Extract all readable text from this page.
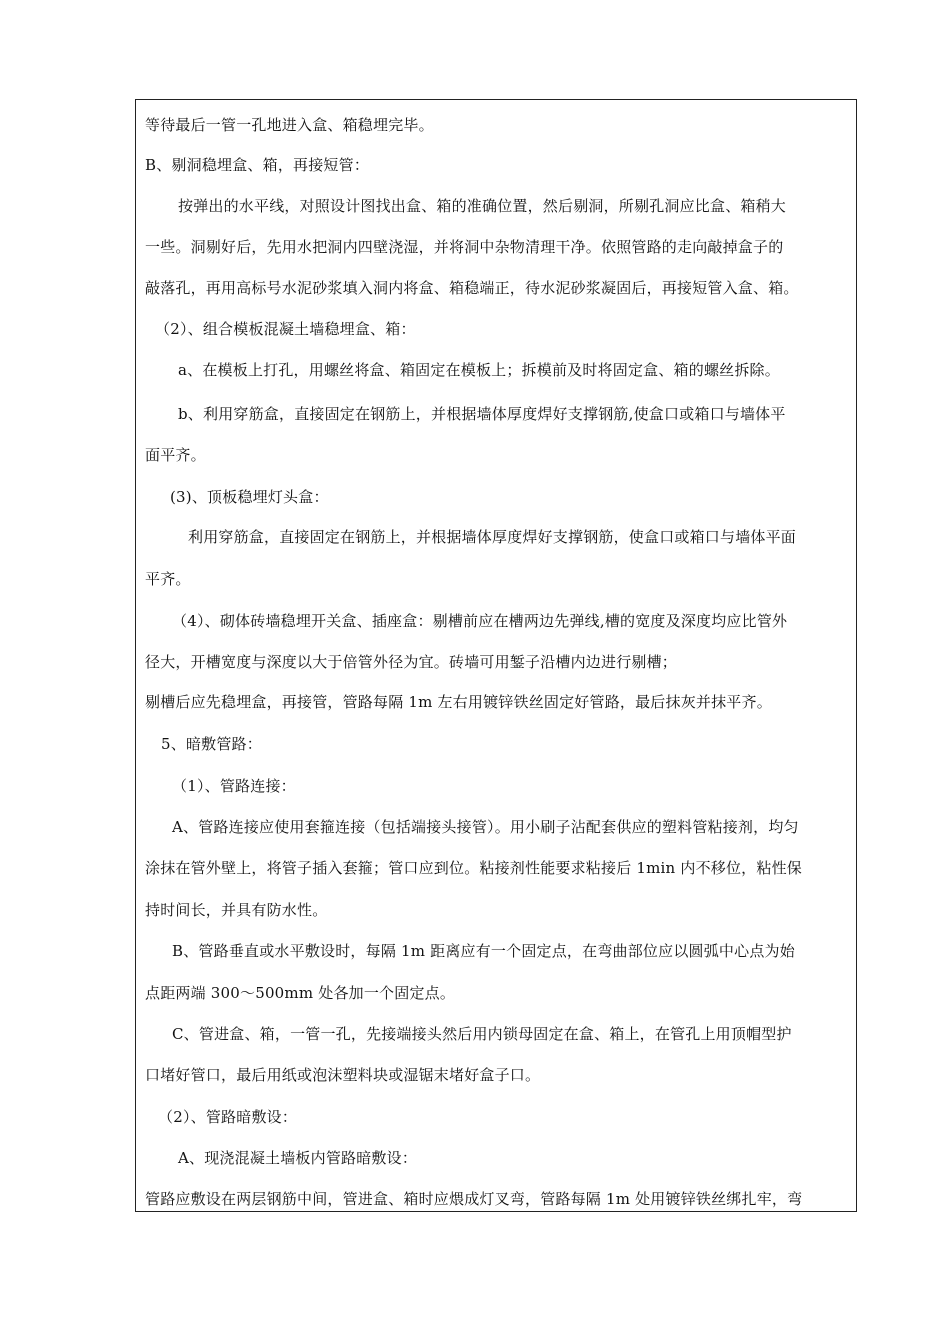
等待最后一管一孔地进入盒、箱稳埋完毕。
B、剔洞稳埋盒、箱，再接短管：
按弹出的水平线，对照设计图找出盒、箱的准确位置，然后剔洞，所剔孔洞应比盒、箱稍大
一些。洞剔好后，先用水把洞内四壁浇湿，并将洞中杂物清理干净。依照管路的走向敲掉盒子的
敲落孔，再用高标号水泥砂浆填入洞内将盒、箱稳端正，待水泥砂浆凝固后，再接短管入盒、箱。
（2）、组合模板混凝土墙稳埋盒、箱：
a、在模板上打孔，用螺丝将盒、箱固定在模板上；拆模前及时将固定盒、箱的螺丝拆除。
b、利用穿筋盒，直接固定在钢筋上，并根据墙体厚度焊好支撑钢筋,使盒口或箱口与墙体平
面平齐。
(3)、顶板稳埋灯头盒：
利用穿筋盒，直接固定在钢筋上，并根据墙体厚度焊好支撑钢筋，使盒口或箱口与墙体平面
平齐。
（4）、砌体砖墙稳埋开关盒、插座盒：剔槽前应在槽两边先弹线,槽的宽度及深度均应比管外
径大，开槽宽度与深度以大于倍管外径为宜。砖墙可用錾子沿槽内边进行剔槽；
剔槽后应先稳埋盒，再接管，管路每隔 1m 左右用镀锌铁丝固定好管路，最后抹灰并抹平齐。
5、暗敷管路：
（1）、管路连接：
A、管路连接应使用套箍连接（包括端接头接管）。用小刷子沾配套供应的塑料管粘接剂，均匀
涂抹在管外壁上，将管子插入套箍；管口应到位。粘接剂性能要求粘接后 1min 内不移位，粘性保
持时间长，并具有防水性。
B、管路垂直或水平敷设时，每隔 1m 距离应有一个固定点，在弯曲部位应以圆弧中心点为始
点距两端 300～500mm 处各加一个固定点。
C、管进盒、箱，一管一孔，先接端接头然后用内锁母固定在盒、箱上，在管孔上用顶帽型护
口堵好管口，最后用纸或泡沫塑料块或湿锯末堵好盒子口。
（2）、管路暗敷设：
A、现浇混凝土墙板内管路暗敷设：
管路应敷设在两层钢筋中间，管进盒、箱时应煨成灯叉弯，管路每隔 1m 处用镀锌铁丝绑扎牢，弯
